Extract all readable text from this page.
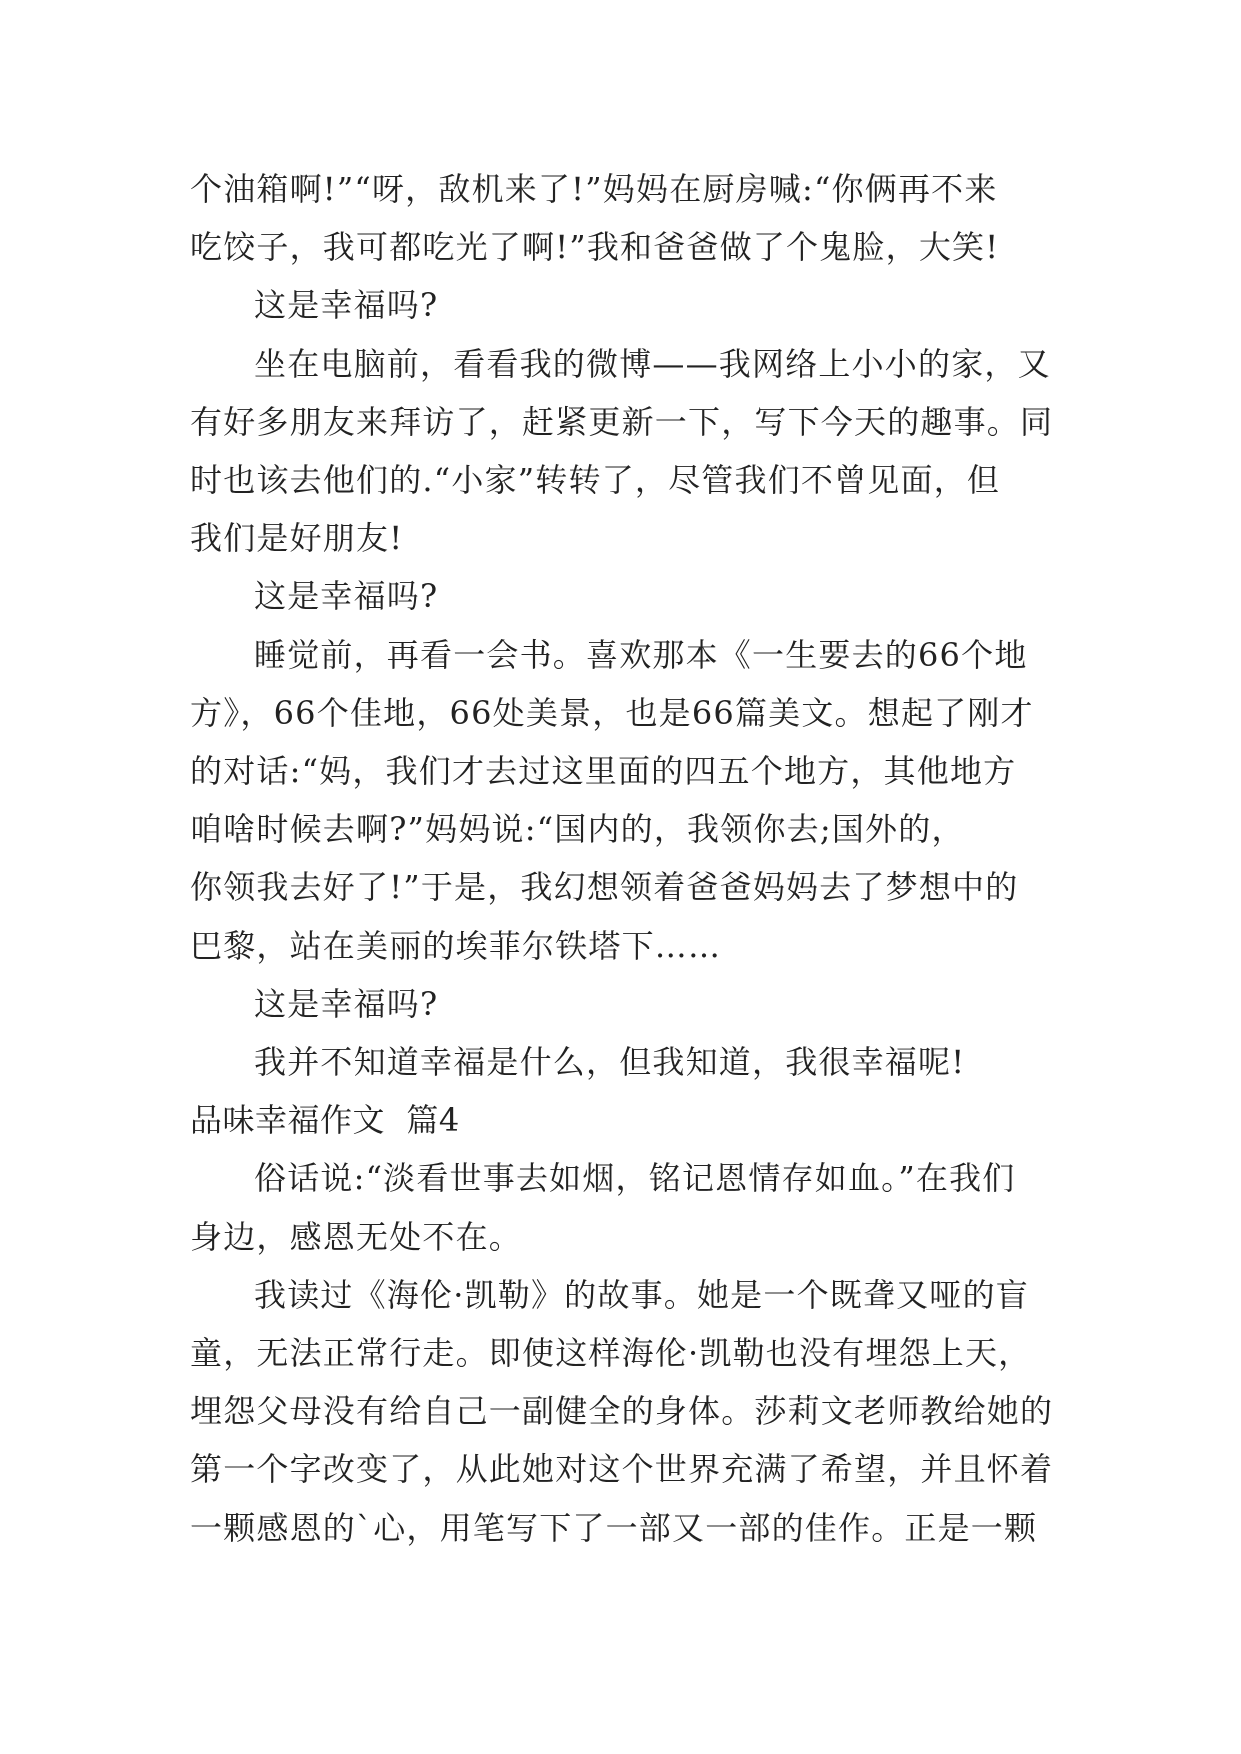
个油箱啊!”“呀，敌机来了!”妈妈在厨房喊:“你俩再不来
吃饺子，我可都吃光了啊!”我和爸爸做了个鬼脸，大笑!

这是幸福吗?

坐在电脑前，看看我的微博——我网络上小小的家，又
有好多朋友来拜访了，赶紧更新一下，写下今天的趣事。同
时也该去他们的.“小家”转转了，尽管我们不曾见面，但
我们是好朋友!

这是幸福吗?

睡觉前，再看一会书。喜欢那本《一生要去的66个地
方》，66个佳地，66处美景，也是66篇美文。想起了刚才
的对话:“妈，我们才去过这里面的四五个地方，其他地方
咱啥时候去啊?”妈妈说:“国内的，我领你去;国外的，
你领我去好了!”于是，我幻想领着爸爸妈妈去了梦想中的
巴黎，站在美丽的埃菲尔铁塔下……

这是幸福吗?

我并不知道幸福是什么，但我知道，我很幸福呢!

品味幸福作文  篇4

俗话说:“淡看世事去如烟，铭记恩情存如血。”在我们
身边，感恩无处不在。

我读过《海伦·凯勒》的故事。她是一个既聋又哑的盲
童，无法正常行走。即使这样海伦·凯勒也没有埋怨上天，
埋怨父母没有给自己一副健全的身体。莎莉文老师教给她的
第一个字改变了，从此她对这个世界充满了希望，并且怀着
一颗感恩的`心，用笔写下了一部又一部的佳作。正是一颗
